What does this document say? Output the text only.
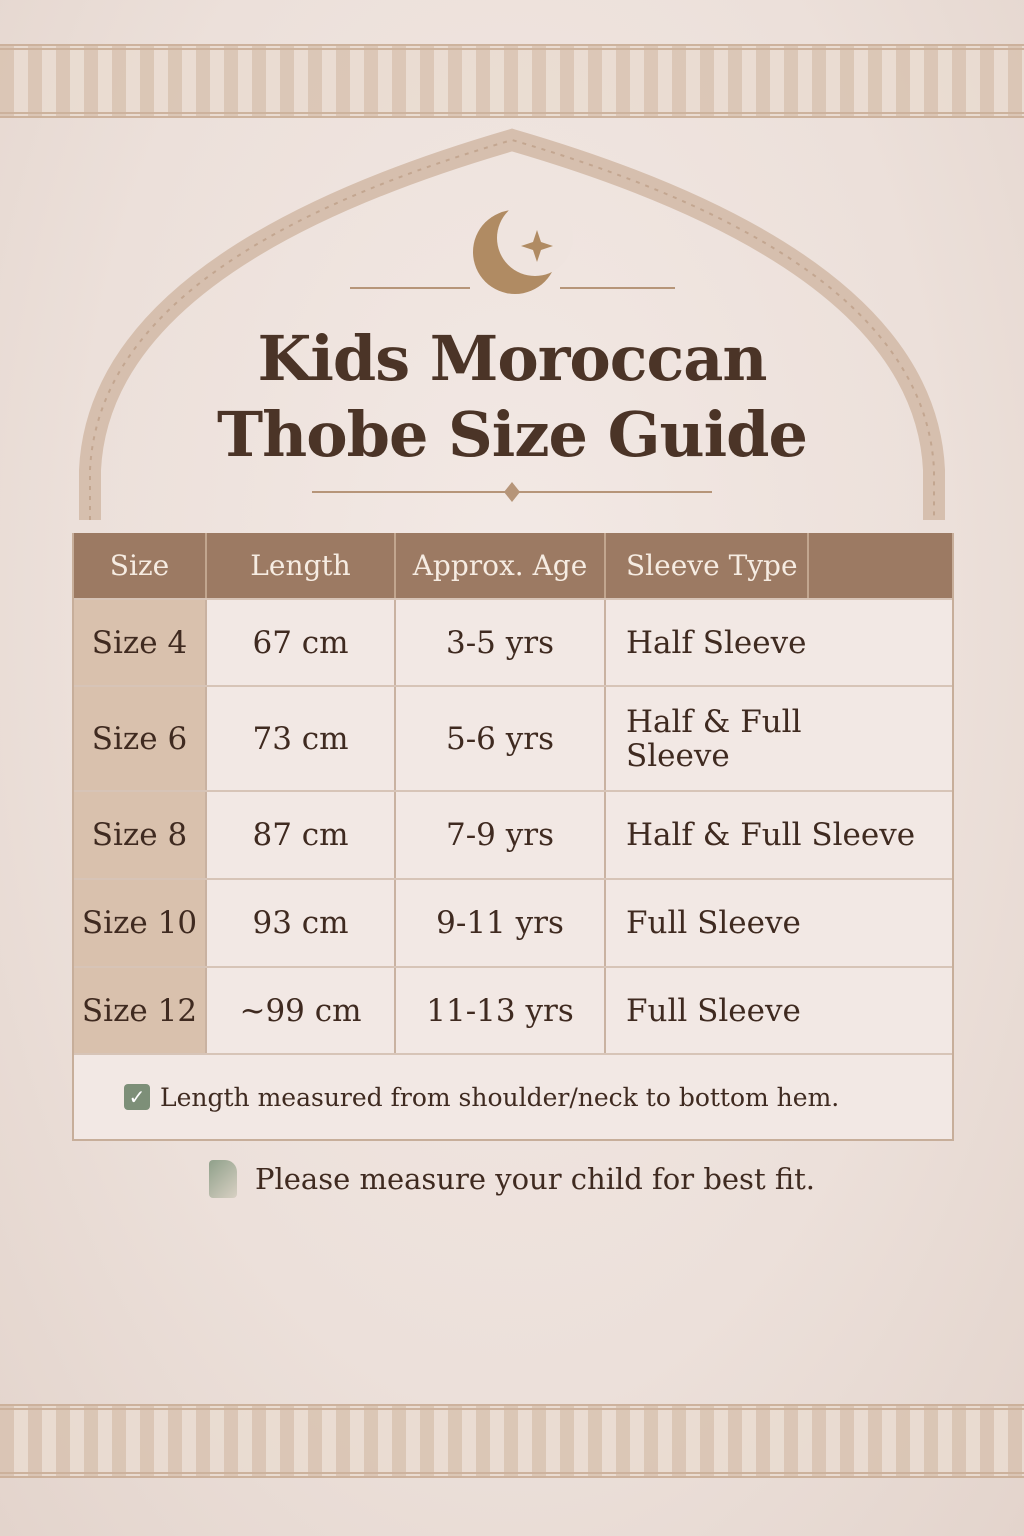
Kids Moroccan
Thobe Size Guide
Size	Length	Approx. Age	Sleeve Type
Size 4	67 cm	3-5 yrs	Half Sleeve
Size 6	73 cm	5-6 yrs	Half & Full Sleeve
Size 8	87 cm	7-9 yrs	Half & Full Sleeve
Size 10	93 cm	9-11 yrs	Full Sleeve
Size 12	~99 cm	11-13 yrs	Full Sleeve
✓ Length measured from shoulder/neck to bottom hem.
Please measure your child for best fit.
